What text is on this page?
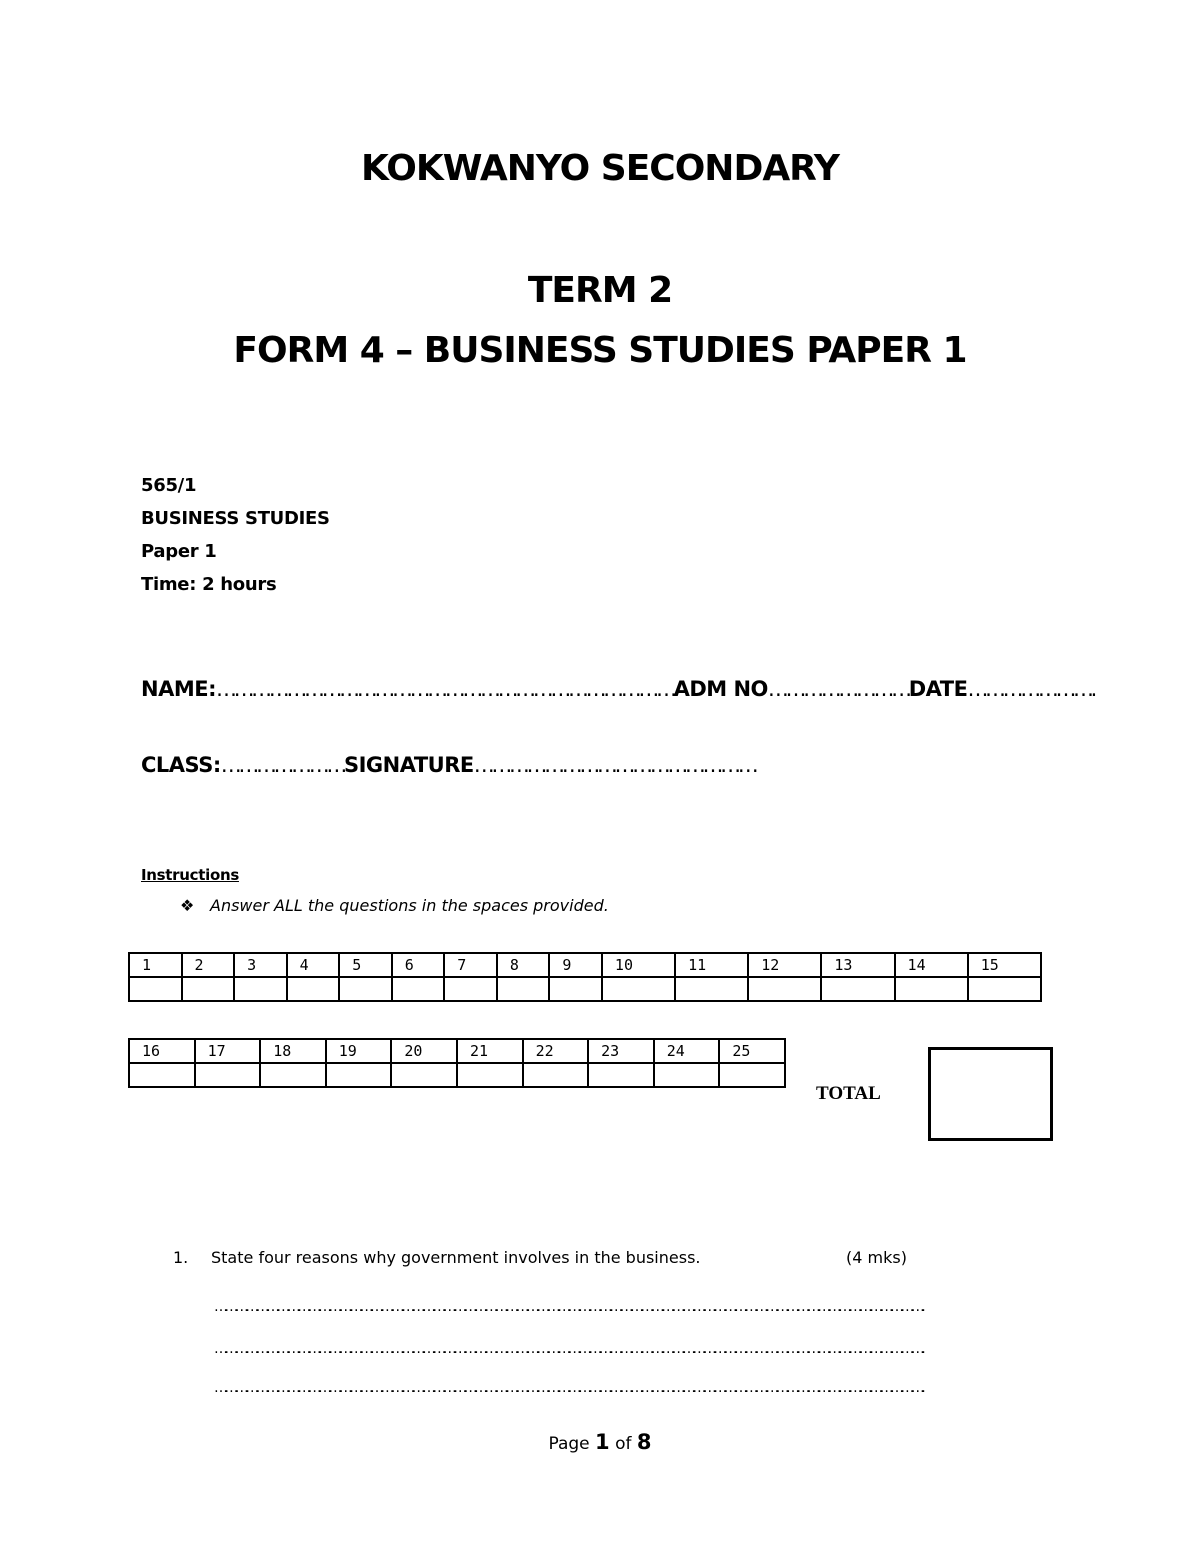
KOKWANYO SECONDARY
TERM 2
FORM 4 – BUSINESS STUDIES PAPER 1
565/1
BUSINESS STUDIES
Paper 1
Time: 2 hours
NAME:……………………………………………………………………ADM NO……………………DATE………………….
CLASS:…………………SIGNATURE…………………………………………
Instructions
❖ Answer ALL the questions in the spaces provided.
1	2	3	4	5	6	7	8	9	10	11	12	13	14	15

16	17	18	19	20	21	22	23	24	25

TOTAL
1. State four reasons why government involves in the business.	(4 mks)
…………………………………………………………………………………………………………………………………………………………………………………….
…………………………………………………………………………………………………………………………………………………………………………………….
…………………………………………………………………………………………………………………………………………………………………………………….
Page 1 of 8
